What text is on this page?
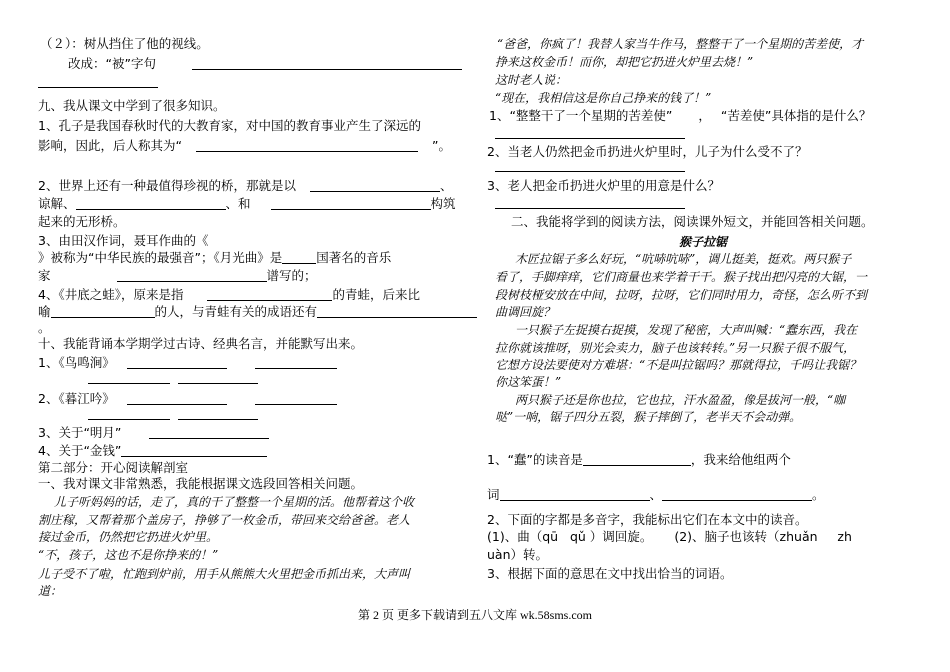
（２）：树从挡住了他的视线。
改成：“被”字句
九、我从课文中学到了很多知识。
1、孔子是我国春秋时代的大教育家，对中国的教育事业产生了深远的
影响，因此，后人称其为“	”。
2、世界上还有一种最值得珍视的桥，那就是以	、
谅解、	、和	构筑
起来的无形桥。
3、由田汉作词，聂耳作曲的《
》被称为“中华民族的最强音”；《月光曲》是	国著名的音乐
家	谱写的；
4、《井底之蛙》，原来是指	的青蛙，后来比
喻	的人，与青蛙有关的成语还有
。
十、我能背诵本学期学过古诗、经典名言，并能默写出来。
1、《鸟鸣涧》
2、《暮江吟》
3、关于“明月”
4、关于“金钱”
第二部分：开心阅读解剖室
一、我对课文非常熟悉，我能根据课文选段回答相关问题。
儿子听妈妈的话，走了，真的干了整整一个星期的活。他帮着这个收
割庄稼，又帮着那个盖房子，挣够了一枚金币，带回来交给爸爸。老人
接过金币，仍然把它扔进火炉里。
“不，孩子，这也不是你挣来的！”
儿子受不了啦，忙跑到炉前，用手从熊熊大火里把金币抓出来，大声叫
道：
“爸爸，你疯了！我替人家当牛作马，整整干了一个星期的苦差使，才
挣来这枚金币！而你，却把它扔进火炉里去烧！”
这时老人说：
“现在，我相信这是你自己挣来的钱了！”
1、“整整干了一个星期的苦差使” ， “苦差使”具体指的是什么？
2、当老人仍然把金币扔进火炉里时，儿子为什么受不了？
3、老人把金币扔进火炉里的用意是什么？
二、我能将学到的阅读方法，阅读课外短文，并能回答相关问题。
猴子拉锯
木匠拉锯子多么好玩，“吭哧吭哧”，调儿挺美，挺欢。两只猴子
看了，手脚痒痒，它们商量也来学着干干。猴子找出把闪亮的大锯，一
段树枝桠安放在中间，拉呀，拉呀，它们同时用力，奇怪，怎么听不到
曲调回旋？
一只猴子左捉摸右捉摸，发现了秘密，大声叫喊：“蠢东西，我在
拉你就该推呀，别光会卖力，脑子也该转转。”另一只猴子很不服气，
它想方设法要使对方难堪：“不是叫拉锯吗？那就得拉，千吗让我锯？
你这笨蛋！”
两只猴子还是你也拉，它也拉，汗水盈盈，像是拔河一般，“咖
哒”一响，锯子四分五裂，猴子摔倒了，老半天不会动弹。
1、“蠢”的读音是	，我来给他组两个
词	、	。
2、下面的字都是多音字，我能标出它们在本文中的读音。
(1)、曲（qū   qǔ ）调回旋。 (2)、脑子也该转（zhuǎn     zh
uàn）转。
3、根据下面的意思在文中找出恰当的词语。
第 2 页 更多下载请到五八文库 wk.58sms.com
